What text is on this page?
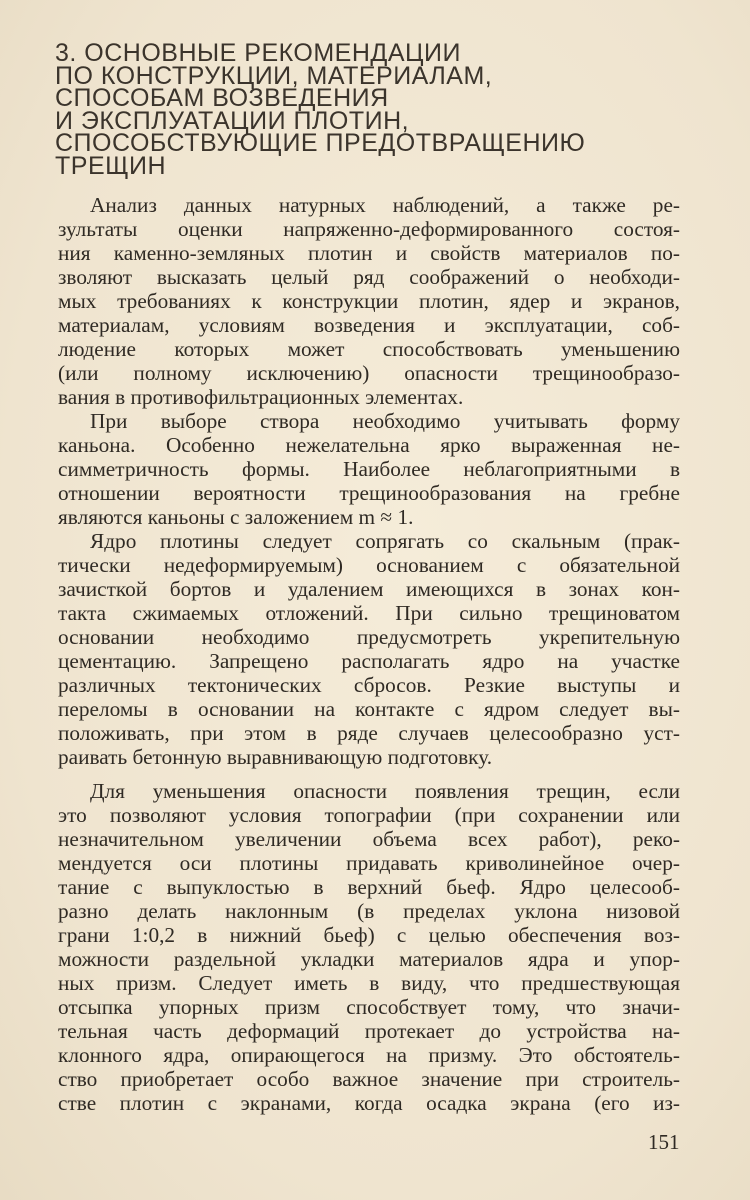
3. ОСНОВНЫЕ РЕКОМЕНДАЦИИ
ПО КОНСТРУКЦИИ, МАТЕРИАЛАМ,
СПОСОБАМ ВОЗВЕДЕНИЯ
И ЭКСПЛУАТАЦИИ ПЛОТИН,
СПОСОБСТВУЮЩИЕ ПРЕДОТВРАЩЕНИЮ
ТРЕЩИН

Анализ данных натурных наблюдений, а также ре-
зультаты оценки напряженно-деформированного состоя-
ния каменно-земляных плотин и свойств материалов по-
зволяют высказать целый ряд соображений о необходи-
мых требованиях к конструкции плотин, ядер и экранов,
материалам, условиям возведения и эксплуатации, соб-
людение которых может способствовать уменьшению
(или полному исключению) опасности трещинообразо-
вания в противофильтрационных элементах.

При выборе створа необходимо учитывать форму
каньона. Особенно нежелательна ярко выраженная не-
симметричность формы. Наиболее неблагоприятными в
отношении вероятности трещинообразования на гребне
являются каньоны с заложением m ≈ 1.

Ядро плотины следует сопрягать со скальным (прак-
тически недеформируемым) основанием с обязательной
зачисткой бортов и удалением имеющихся в зонах кон-
такта сжимаемых отложений. При сильно трещиноватом
основании необходимо предусмотреть укрепительную
цементацию. Запрещено располагать ядро на участке
различных тектонических сбросов. Резкие выступы и
переломы в основании на контакте с ядром следует вы-
положивать, при этом в ряде случаев целесообразно уст-
раивать бетонную выравнивающую подготовку.

Для уменьшения опасности появления трещин, если
это позволяют условия топографии (при сохранении или
незначительном увеличении объема всех работ), реко-
мендуется оси плотины придавать криволинейное очер-
тание с выпуклостью в верхний бьеф. Ядро целесооб-
разно делать наклонным (в пределах уклона низовой
грани 1:0,2 в нижний бьеф) с целью обеспечения воз-
можности раздельной укладки материалов ядра и упор-
ных призм. Следует иметь в виду, что предшествующая
отсыпка упорных призм способствует тому, что значи-
тельная часть деформаций протекает до устройства на-
клонного ядра, опирающегося на призму. Это обстоятель-
ство приобретает особо важное значение при строитель-
стве плотин с экранами, когда осадка экрана (его из-

151
